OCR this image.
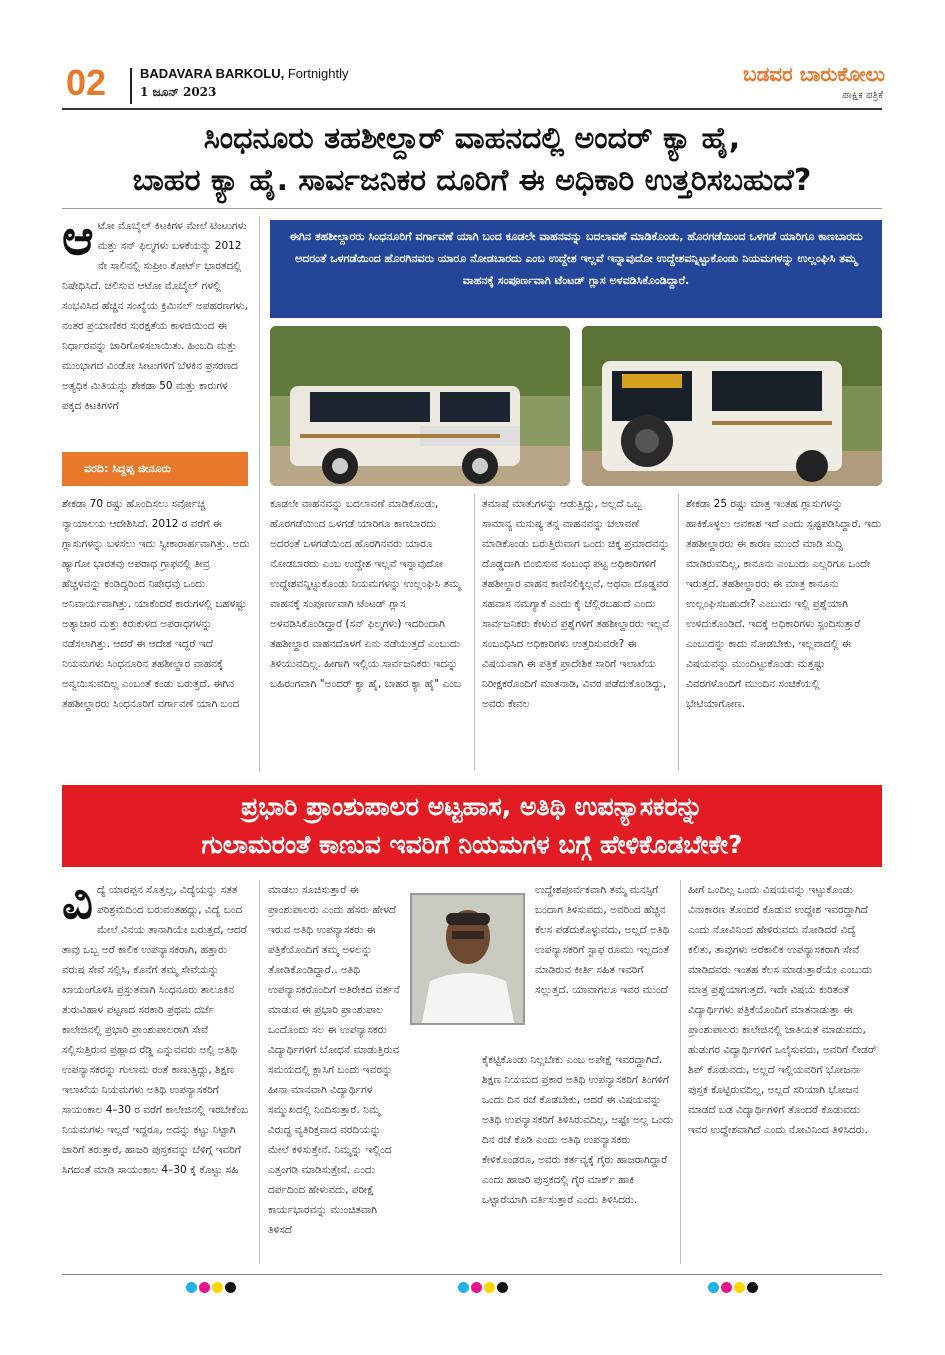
02	BADAVARA BARKOLU, Fortnightly
1 ಜೂನ್ 2023
ಬಡವರ ಬಾರುಕೋಲು
ಪಾಕ್ಷಿಕ ಪತ್ರಿಕೆ
ಸಿಂಧನೂರು ತಹಶೀಲ್ದಾರ್ ವಾಹನದಲ್ಲಿ ಅಂದರ್ ಕ್ಯಾ ಹೈ,
ಬಾಹರ ಕ್ಯಾ ಹೈ. ಸಾರ್ವಜನಿಕರ ದೂರಿಗೆ ಈ ಅಧಿಕಾರಿ ಉತ್ತರಿಸಬಹುದೆ?
ಆ ಟೋ ಮೊಬೈಲ್ ಕಿಟಕಿಗಳ ಮೇಲೆ ಟಿಂಟುಗಳು ಮತ್ತು ಸನ್ ಫಿಲ್ಮಗಳು ಬಳಕೆಯನ್ನು 2012 ನೇ ಸಾಲಿನಲ್ಲಿ ಸುಪ್ರೀಂ ಕೋರ್ಟ್ ಭಾರತದಲ್ಲಿ ನಿಷೇಧಿಸಿದೆ. ಚಲಿಸುವ ಆಟೋ ಮೊಬೈಲ್ ಗಳಲ್ಲಿ ಸಂಭವಿಸಿದ ಹೆಚ್ಚಿನ ಸಂಖ್ಯೆಯ ಕ್ರಿಮಿನಲ್ ಅಪಹರಣಗಳು, ನಂತರ ಪ್ರಯಾಣಿಕರ ಸುರಕ್ಷತೆಯ ಕಾಳಜಿಯಿಂದ ಈ ನಿರ್ಧಾರವನ್ನು ಜಾರಿಗೊಳಿಸಲಾಯಿತು. ಹಿಂಬದಿ ಮತ್ತು ಮುಂಭಾಗದ ವಿಂಡೋ ಸೀಟುಗಳಿಗೆ ಬೆಳಕಿನ ಪ್ರಸರಣದ ಅತ್ಯಧಿಕ ಮಿತಿಯನ್ನು ಶೇಕಡಾ 50 ಮತ್ತು ಕಾರುಗಳ ಪಕ್ಕದ ಕಿಟಕಿಗಳಿಗೆ
ವರದಿ: ಸಿದ್ದಪ್ಪ ಜೀನೂರು
ಶೇಕಡಾ 70 ರಷ್ಟು ಹೊಂದಿಸಲು ಸರ್ವೋಚ್ಚ ನ್ಯಾಯಾಲಯ ಆದೇಶಿಸಿದೆ. 2012 ರ ವರೆಗೆ ಈ ಗ್ಲಾಸುಗಳನ್ನು ಬಳಸಲು ಇದು ಸ್ವೀಕಾರಾರ್ಹವಾಗಿತ್ತು. ಅದು ಹ್ಯಾಗೋ ಭಾರತವು ಅಪರಾಧ ಗ್ರಾಫನಲ್ಲಿ ತೀವ್ರ ಹೆಚ್ಚಳವನ್ನು ಕಂಡಿದ್ದರಿಂದ ನಿಷೇಧವು ಒಂದು ಅನಿವಾರ್ಯವಾಗಿತ್ತು. ಯಾಕೆಂದರೆ ಕಾರುಗಳಲ್ಲಿ ಬಹಳಷ್ಟು ಅತ್ಯಾಚಾರ ಮತ್ತು ಕಿರುಕುಳದ ಅಪರಾಧಗಳನ್ನು ನಡೆಸಲಾಗಿತ್ತು. ಆದರೆ ಈ ಆದೇಶ ಇದ್ದರೆ ಇದೆ ನಿಯಮಗಳು ಸಿಂಧನೂರಿನ ತಹಶೀಲ್ದಾರ ವಾಹನಕ್ಕೆ ಅನ್ವಯಿಸುವದಿಲ್ಲ ಎಂಬಂತೆ ಕಂಡು ಬರುತ್ತದೆ. ಈಗಿನ ತಹಶೀಲ್ದಾರರು ಸಿಂಧನೂರಿಗೆ ವರ್ಗಾವಣೆ ಯಾಗಿ ಬಂದ
ಈಗಿನ ತಹಶೀಲ್ದಾರರು ಸಿಂಧನೂರಿಗೆ ವರ್ಗಾವಣೆ ಯಾಗಿ ಬಂದ ಕೂಡಲೇ ವಾಹನವನ್ನು ಬದಲಾವಣೆ ಮಾಡಿಕೊಂಡು, ಹೊರಗಡೆಯಿಂದ ಒಳಗಡೆ ಯಾರಿಗೂ ಕಾಣಬಾರದು ಅದರಂತೆ ಒಳಗಡೆಯಿಂದ ಹೊರಗಿನವರು ಯಾರೂ ನೋಡಬಾರದು ಎಂಬ ಉದ್ದೇಶ ಇಲ್ಲವೆ ಇನ್ನಾವುದೋ ಉದ್ದೇಶವನ್ನಿಟ್ಟುಕೊಂಡು ನಿಯಮಗಳನ್ನು ಉಲ್ಲಂಘಿಸಿ ತಮ್ಮ ವಾಹನಕ್ಕೆ ಸಂಪೂರ್ಣವಾಗಿ ಟೆಂಟಡ್ ಗ್ಲಾಸ ಅಳವಡಿಸಿಕೊಂಡಿದ್ದಾರೆ.
ಕೂಡಲೇ ವಾಹನವನ್ನು ಬದಲಾವಣೆ ಮಾಡಿಕೊಂಡು, ಹೊರಗಡೆಯಿಂದ ಒಳಗಡೆ ಯಾರಿಗೂ ಕಾಣಬಾರದು ಅದರಂತೆ ಒಳಗಡೆಯಿಂದ ಹೊರಗಿನವರು ಯಾರೂ ನೋಡಬಾರದು ಎಂಬ ಉದ್ದೇಶ ಇಲ್ಲವೆ ಇನ್ನಾವುದೋ ಉದ್ದೇಶವನ್ನಿಟ್ಟುಕೊಂಡು ನಿಯಮಗಳನ್ನು ಉಲ್ಲಂಘಿಸಿ ತಮ್ಮ ವಾಹನಕ್ಕೆ ಸಂಪೂರ್ಣವಾಗಿ ಟೆಂಟಡ್ ಗ್ಲಾಸ ಅಳವಡಿಸಿಕೊಂಡಿದ್ದಾರೆ (ಸನ್ ಫಿಲ್ಮಗಳು) ಇದರಿಂದಾಗಿ ತಹಶೀಲ್ದಾರ ವಾಹನದೊಳಗೆ ಏನು ನಡೆಯುತ್ತದೆ ಎಂಬುದು ತಿಳಿಯುವದಿಲ್ಲ. ಹೀಗಾಗಿ ಇಲ್ಲಿಯ ಸಾರ್ವಜನಿಕರು ಇದನ್ನು ಬಹಿರಂಗವಾಗಿ "ಅಂದರ್ ಕ್ಯಾ ಹೈ, ಬಾಹರ ಕ್ಯಾ ಹೈ" ಎಂಬ
ತಮಾಷೆ ಮಾತುಗಳನ್ನು ಆಡುತ್ತಿದ್ದು, ಅಲ್ಲದೆ ಒಬ್ಬ ಸಾಮಾನ್ಯ ಮನುಷ್ಯ ತನ್ನ ವಾಹನವನ್ನು ಚಲಾವಣೆ ಮಾಡಿಕೊಂಡು ಬರುತ್ತಿರುವಾಗ ಒಂದು ಚಿಕ್ಕ ಪ್ರಮಾದವನ್ನು ದೊಡ್ಡದಾಗಿ ಬಿಂಬಿಸುವ ಸಂಬಂಧ ಪಟ್ಟ ಅಧಿಕಾರಿಗಳಿಗೆ ತಹಶೀಲ್ದಾರ ವಾಹನ ಕಾಣಿಸಲಿಕ್ಕಿಲ್ಲವೆ, ಅಥವಾ ದೊಡ್ಡವರ ಸಹವಾಸ ನಮಗ್ಯಾಕೆ ಎಂದು ಕೈ ಚೆಲ್ಲಿರಬಹುದೆ ಎಂದು ಸಾರ್ವಜನಿಕರು ಕೇಳುವ ಪ್ರಶ್ನೆಗಳಿಗೆ ತಹಶೀಲ್ದಾರರು ಇಲ್ಲವೆ ಸಂಬಂಧಿಸಿದ ಅಧಿಕಾರಿಗಳು ಉತ್ತರಿಸುವರೇ? ಈ ವಿಷಯವಾಗಿ ಈ ಪತ್ರಿಕೆ ಪ್ರಾದೇಶಿಕ ಸಾರಿಗೆ ಇಲಾಖೆಯ ನಿರೀಕ್ಷಕರೊಂದಿಗೆ ಮಾತನಾಡಿ, ವಿವರ ಪಡೆದುಕೊಂಡಿದ್ದು, ಅವರು ಕೇವಲ
ಶೇಕಡಾ 25 ರಷ್ಟು ಮಾತ್ರ ಇಂತಹ ಗ್ಲಾಸುಗಳನ್ನು ಹಾಕಿಕೊಳ್ಳಲು ಅವಕಾಶ ಇದೆ ಎಂದು ಸ್ಪಷ್ಟಪಡಿಸಿದ್ದಾರೆ. ಇದು ತಹಶೀಲ್ದಾರರು ಈ ಕಾರಣ ಮುಂದೆ ಮಾಡಿ ಸುದ್ದಿ ಮಾಡಿರುವದಿಲ್ಲ, ಕಾನೂನು ಎಂಬುದು ಎಲ್ಲರಿಗೂ ಒಂದೇ ಇರುತ್ತದೆ. ತಹಶೀಲ್ದಾರರು ಈ ಮಾತ್ರ ಕಾನೂನು ಉಲ್ಲಂಘಿಸಬಹುದೇ? ಎಂಬುದು ಇಲ್ಲಿ ಪ್ರಶ್ನೆಯಾಗಿ ಉಳಿದುಕೊಂಡಿದೆ. ಇದಕ್ಕೆ ಅಧಿಕಾರಿಗಳು ಸ್ಪಂದಿಸುತ್ತಾರೆ ಎಂಬುದನ್ನು ಕಾದು ನೋಡಬೇಕು, ಇಲ್ಲವಾದಲ್ಲಿ ಈ ವಿಷಯವನ್ನು ಮುಂದಿಟ್ಟುಕೊಂಡು ಮತ್ತಷ್ಟು ವಿವರಗಳೊಂದಿಗೆ ಮುಂದಿನ ಸಂಚಿಕೆಯಲ್ಲಿ ಭೇಟಿಯಾಗೋಣ.
ಪ್ರಭಾರಿ ಪ್ರಾಂಶುಪಾಲರ ಅಟ್ಟಹಾಸ, ಅತಿಥಿ ಉಪನ್ಯಾಸಕರನ್ನು
ಗುಲಾಮರಂತೆ ಕಾಣುವ ಇವರಿಗೆ ನಿಯಮಗಳ ಬಗ್ಗೆ ಹೇಳಿಕೊಡಬೇಕೇ?
ವಿ ದ್ಯೆ ಯಾರಪ್ಪನ ಸೊತ್ತಲ್ಲ, ವಿದ್ಯೆಯನ್ನು ಸತತ ಪರಿಶ್ರಮದಿಂದ ಬರುವಂತಹದ್ದು, ವಿದ್ಯೆ ಬಂದ ಮೇಲೆ ವಿನಯ ತಾನಾಗಿಯೇ ಬರುತ್ತದೆ, ಆದರೆ ತಾವು ಒಬ್ಬ ಅರೆ ಕಾಲಿಕ ಉಪನ್ಯಾಸಕರಾಗಿ, ಹತ್ತಾರು ವರುಷ ಸೇವೆ ಸಲ್ಲಿಸಿ, ಕೊನೆಗೆ ತಮ್ಮ ಸೇವೆಯನ್ನು ಖಾಯಂಗೊಳಿಸಿ ಪ್ರಸ್ತುತವಾಗಿ ಸಿಂಧನೂರು ತಾಲೂಕಿನ ತುರುವಿಹಾಳ ಪಟ್ಟಣದ ಸರಕಾರಿ ಪ್ರಥಮ ದರ್ಜೆ ಕಾಲೇಜಿನಲ್ಲಿ ಪ್ರಭಾರಿ ಪ್ರಾಂಶುಪಾಲರಾಗಿ ಸೇವೆ ಸಲ್ಲಿಸುತ್ತಿರುವ ಪ್ರಹ್ಲಾದ ರೆಡ್ಡಿ ಎನ್ನುವವರು ಅಲ್ಲಿ ಅತಿಥಿ ಉಪನ್ಯಾಸಕರನ್ನು ಗುಲಾಮ ರಂತೆ ಕಾಣುತ್ತಿದ್ದು, ಶಿಕ್ಷಣ ಇಲಾಖೆಯ ನಿಯಮಗಳು ಅತಿಥಿ ಉಪನ್ಯಾಸಕರಿಗೆ ಸಾಯಂಕಾಲ 4–30 ರ ವರೆಗೆ ಕಾಲೇಜಿನಲ್ಲಿ ಇರಬೇಕೆಂಬ ನಿಯಮಗಳು ಇಲ್ಲದೆ ಇದ್ದರೂ, ಅದನ್ನು ಕಟ್ಟು ನಿಟ್ಟಾಗಿ ಜಾರಿಗೆ ತರುತ್ತಾರೆ, ಹಾಜರಿ ಪುಸ್ತಕವನ್ನು ಬೆಳಿಗ್ಗೆ ಇವರಿಗೆ ಸಿಗದಂತೆ ಮಾಡಿ ಸಾಯಂಕಾಲ 4–30 ಕ್ಕೆ ಕೊಟ್ಟು ಸಹಿ
ಮಾಡಲು ಸೂಚಿಸುತ್ತಾರೆ ಈ ಪ್ರಾಂಶುಪಾಲರು ಎಂದು ಹೆಸರು ಹೇಳದೆ ಇರುವ ಅತಿಥಿ ಉಪನ್ಯಾಸಕರು ಈ ಪತ್ರಿಕೆಯೊಂದಿಗೆ ತಮ್ಮ ಅಳಲನ್ನು ತೋಡಿಕೊಂಡಿದ್ದಾರೆ.. ಅತಿಥಿ ಉಪನ್ಯಾಸಕರೊಂದಿಗೆ ಅತಿರೇಕದ ವರ್ತನೆ ಮಾಡುವ ಈ ಪ್ರಭಾರಿ ಪ್ರಾಂಶುಪಾಲ ಒಂದೊಂದು ಸಲ ಈ ಉಪನ್ಯಾಸಕರು ವಿದ್ಯಾರ್ಥಿಗಳಿಗೆ ಬೋಧನೆ ಮಾಡುತ್ತಿರುವ ಸಮಯದಲ್ಲಿ ಕ್ಲಾಸಿಗೆ ಬಂದು ಇವರನ್ನು ಹೀನಾ ಮಾನವಾಗಿ ವಿದ್ಯಾರ್ಥಿಗಳ ಸಮ್ಮುಖದಲ್ಲಿ ನಿಂದಿಸುತ್ತಾರೆ. ನಿಮ್ಮ ವಿರುದ್ಧ ವ್ಯತಿರಿಕ್ತವಾದ ವರದಿಯನ್ನು ಮೇಲೆ ಕಳಿಸುತ್ತೇನೆ. ನಿಮ್ಮನ್ನು ಇಲ್ಲಿಂದ ಎತ್ತಂಗಡಿ ಮಾಡಿಸುತ್ತೇನೆ. ಎಂದು ದರ್ಪದಿಂದ ಹೇಳುವದು, ಪರೀಕ್ಷೆ ಕಾರ್ಯಭಾರವನ್ನು ಮುಂಚಿತವಾಗಿ ತಿಳಿಸದೆ
ಉದ್ದೇಶಪೂರ್ವಕವಾಗಿ ತಮ್ಮ ಮನಸ್ಸಿಗೆ ಬಂದಾಗ ತಿಳಿಸುವದು, ಅವರಿಂದ ಹೆಚ್ಚಿನ ಕೆಲಸ ಪಡೆದುಕೊಳ್ಳುವದು, ಅಲ್ಲದೆ ಅತಿಥಿ ಉಪನ್ಯಾಸಕರಿಗೆ ಸ್ಟಾಫ ರೂಮು ಇಲ್ಲದಂತೆ ಮಾಡಿರುವ ಕೀರ್ತಿ ಸಹಿತ ಇವರಿಗೆ ಸಲ್ಲುತ್ತದೆ. ಯಾವಾಗಲೂ ಇವರ ಮುಂದೆ
ಕೈಕಟ್ಟಿಕೊಂಡು ನಿಲ್ಲಬೇಕು ಎಂಬ ಅಪೇಕ್ಷೆ ಇವರದ್ದಾಗಿದೆ. ಶಿಕ್ಷಣ ನಿಯಮದ ಪ್ರಕಾರ ಅತಿಥಿ ಉಪನ್ಯಾಸಕರಿಗೆ ತಿಂಗಳಿಗೆ ಒಂದು ದಿನ ರಜೆ ಕೊಡಬೇಕು, ಆದರೆ ಈ ವಿಷಯವನ್ನು ಅತಿಥಿ ಉಪನ್ಯಾಸಕರಿಗೆ ತಿಳಿಸಿರುವದಿಲ್ಲ, ಅಷ್ಟೇ ಅಲ್ಲ ಒಂದು ದಿನ ರಜೆ ಕೊಡಿ ಎಂದು ಅತಿಥಿ ಉಪನ್ಯಾಸಕರು ಕೇಳಿಕೊಂಡರೂ, ಅವರು ಕರ್ತವ್ಯಕ್ಕೆ ಗೈರು ಹಾಜರಾಗಿದ್ದಾರೆ ಎಂದು ಹಾಜರಿ ಪುಸ್ತಕದಲ್ಲಿ ಗೈರ ಮಾರ್ಕ್ ಹಾಕಿ ಒಟ್ಟಾರೆಯಾಗಿ ವರ್ತಿಸುತ್ತಾರೆ ಎಂದು ತಿಳಿಸಿದರು.
ಹೀಗೆ ಒಂದಿಲ್ಲ ಒಂದು ವಿಷಯವನ್ನು ಇಟ್ಟುಕೊಂಡು ವಿನಾಕಾರಣ ತೊಂದರೆ ಕೊಡುವ ಉದ್ದೇಶ ಇವರದ್ದಾಗಿದೆ ಎಂದು ನೋವಿನಿಂದ ಹೇಳಿರುವದು ನೋಡಿದರೆ ವಿದ್ಯೆ ಕಲಿತು, ತಾವುಗಳು ಅರೆಕಾಲಿಕ ಉಪನ್ಯಾಸಕರಾಗಿ ಸೇವೆ ಮಾಡಿದವರು ಇಂತಹ ಕೆಲಸ ಮಾಡುತ್ತಾರೆಯೇ ಎಂಬುದು ಮಾತ್ರ ಪ್ರಶ್ನೆಯಾಗುತ್ತದೆ. ಇದೇ ವಿಷಯ ಕುರಿತಂತೆ ವಿದ್ಯಾರ್ಥಿಗಳು ಪತ್ರಿಕೆಯೊಂದಿಗೆ ಮಾತನಾಡುತ್ತಾ ಈ ಪ್ರಾಂಶುಪಾಲರು ಕಾಲೇಜಿನಲ್ಲಿ ಜಾತಿಯತೆ ಮಾಡುವದು, ಹುಡುಗರ ವಿದ್ಯಾರ್ಥಿಗಳಿಗೆ ಒಲೈಸುವದು, ಅವರಿಗೆ ಲೀಡರ್ ಶಿಪ್ ಕೊಡುವದು, ಅಲ್ಲದೆ ಇಲ್ಲಿಯವರಿಗೆ ಭೋಜನಾ ಪುಸ್ತಕ ಕೊಟ್ಟಿರುವದಿಲ್ಲ, ಅಲ್ಲದೆ ಸರಿಯಾಗಿ ಭೋಜನ ಮಾಡದೆ ಬಡ ವಿದ್ಯಾರ್ಥಿಗಳಿಗೆ ತೊಂದರೆ ಕೊಡುವದು ಇವರ ಉದ್ದೇಶವಾಗಿದೆ ಎಂದು ನೋವಿನಿಂದ ತಿಳಿಸಿದರು.
